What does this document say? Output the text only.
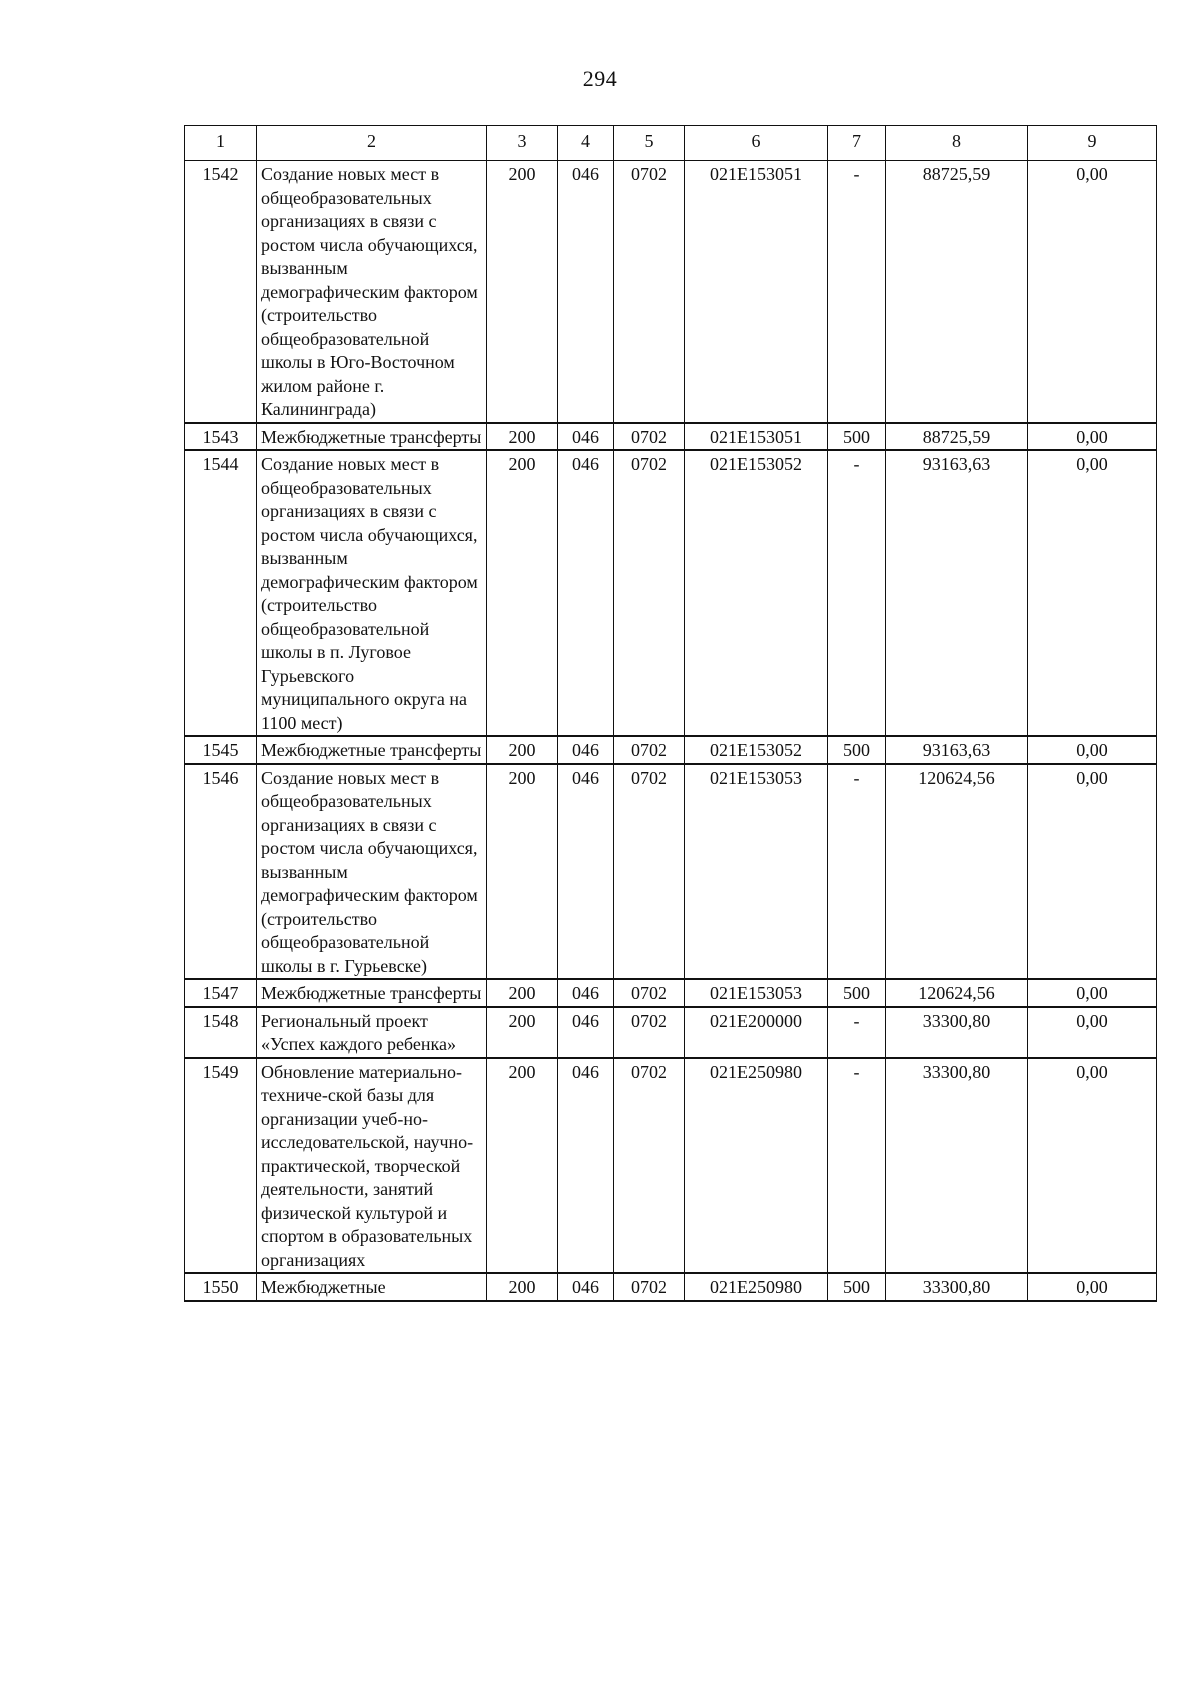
294
1	2	3	4	5	6	7	8	9
1542	Создание новых мест в общеобразовательных организациях в связи с ростом числа обучающихся, вызванным демографическим фактором (строительство общеобразовательной школы в Юго-Восточном жилом районе г. Калининграда)	200	046	0702	021E153051	-	88725,59	0,00
1543	Межбюджетные трансферты	200	046	0702	021E153051	500	88725,59	0,00
1544	Создание новых мест в общеобразовательных организациях в связи с ростом числа обучающихся, вызванным демографическим фактором (строительство общеобразовательной школы в п. Луговое Гурьевского муниципального округа на 1100 мест)	200	046	0702	021E153052	-	93163,63	0,00
1545	Межбюджетные трансферты	200	046	0702	021E153052	500	93163,63	0,00
1546	Создание новых мест в общеобразовательных организациях в связи с ростом числа обучающихся, вызванным демографическим фактором (строительство общеобразовательной школы в г. Гурьевске)	200	046	0702	021E153053	-	120624,56	0,00
1547	Межбюджетные трансферты	200	046	0702	021E153053	500	120624,56	0,00
1548	Региональный проект «Успех каждого ребенка»	200	046	0702	021E200000	-	33300,80	0,00
1549	Обновление материально-техниче-ской базы для организации учеб-но-исследовательской, научно-практической, творческой деятельности, занятий физической культурой и спортом в образовательных организациях	200	046	0702	021E250980	-	33300,80	0,00
1550	Межбюджетные	200	046	0702	021E250980	500	33300,80	0,00
